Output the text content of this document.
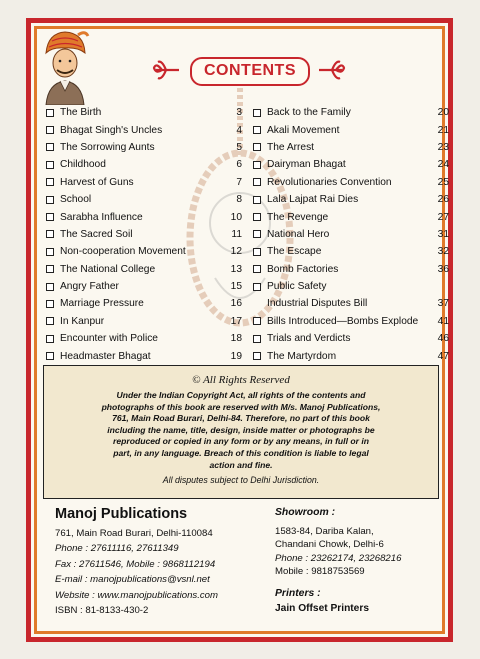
CONTENTS
The Birth	3
Bhagat Singh's Uncles	4
The Sorrowing Aunts	5
Childhood	6
Harvest of Guns	7
School	8
Sarabha Influence	10
The Sacred Soil	11
Non-cooperation Movement	12
The National College	13
Angry Father	15
Marriage Pressure	16
In Kanpur	17
Encounter with Police	18
Headmaster Bhagat	19
Back to the Family	20
Akali Movement	21
The Arrest	23
Dairyman Bhagat	24
Revolutionaries Convention	25
Lala Lajpat Rai Dies	26
The Revenge	27
National Hero	31
The Escape	32
Bomb Factories	36
Public Safety
Industrial Disputes Bill	37
Bills Introduced—Bombs Explode	41
Trials and Verdicts	46
The Martyrdom	47
© All Rights Reserved
Under the Indian Copyright Act, all rights of the contents and
photographs of this book are reserved with M/s. Manoj Publications,
761, Main Road Burari, Delhi-84. Therefore, no part of this book
including the name, title, design, inside matter or photographs be
reproduced or copied in any form or by any means, in full or in
part, in any language. Breach of this condition is liable to legal
action and fine.
All disputes subject to Delhi Jurisdiction.
Manoj Publications
761, Main Road Burari, Delhi-110084
Phone : 27611116, 27611349
Fax : 27611546, Mobile : 9868112194
E-mail : manojpublications@vsnl.net
Website : www.manojpublications.com
ISBN : 81-8133-430-2
Showroom :
1583-84, Dariba Kalan,
Chandani Chowk, Delhi-6
Phone : 23262174, 23268216
Mobile : 9818753569
Printers :
Jain Offset Printers
